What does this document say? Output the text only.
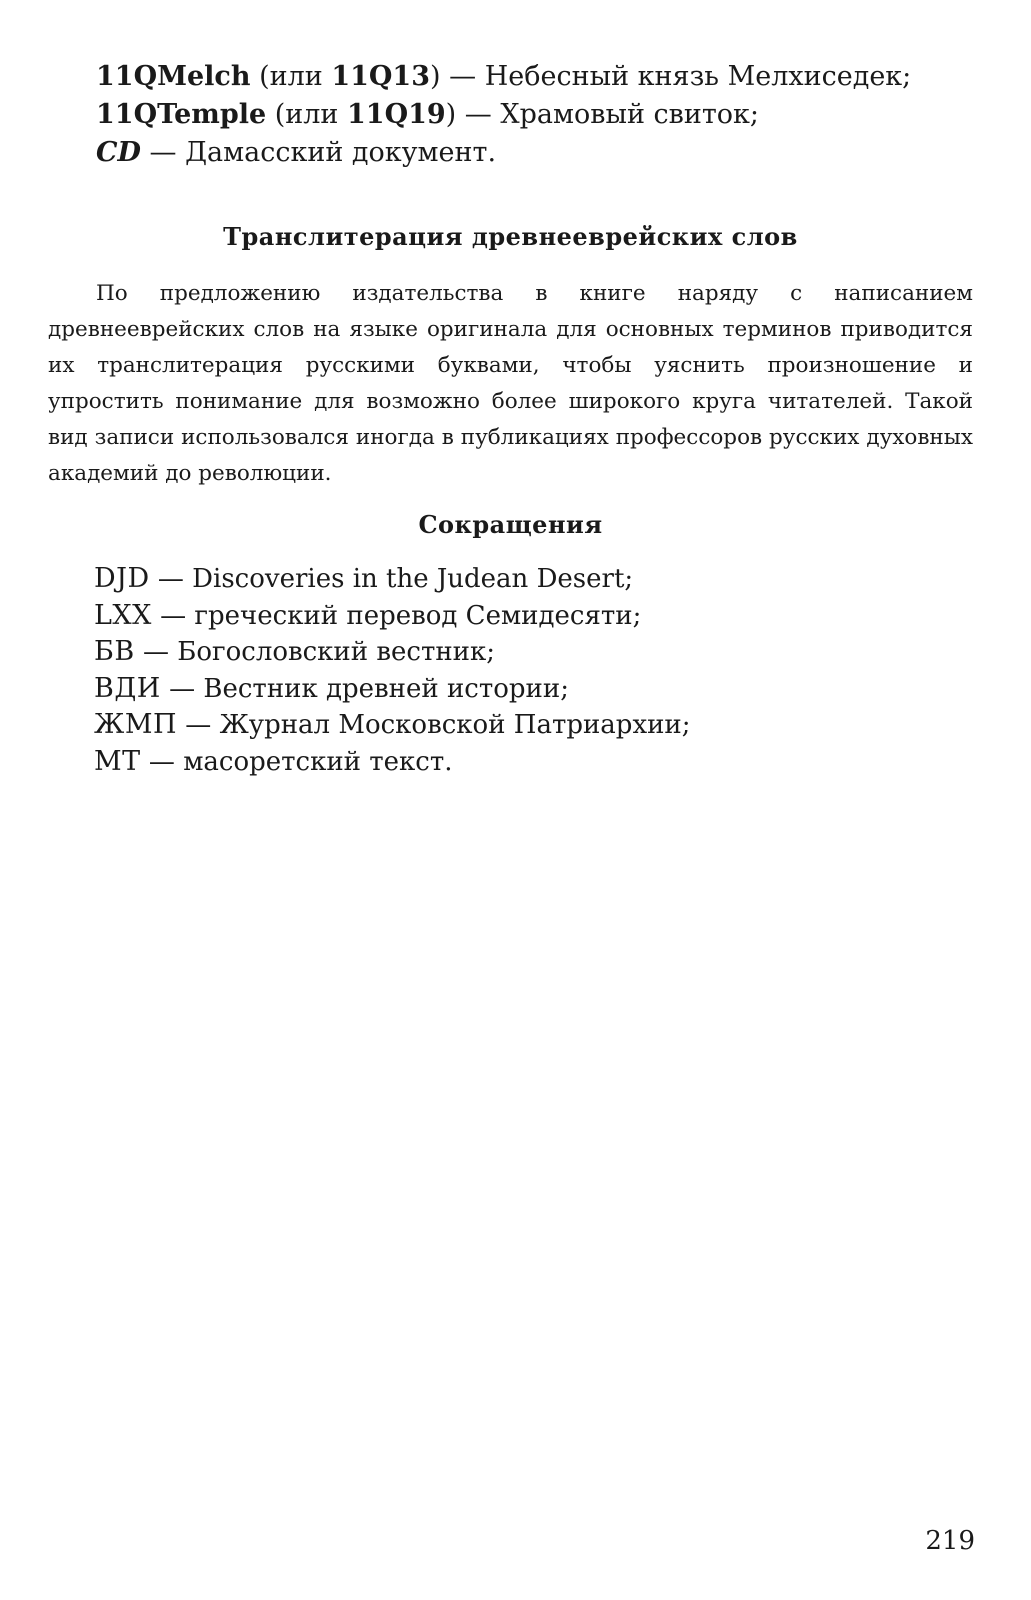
11QMelch (или 11Q13) — Небесный князь Мелхиседек;
11QTemple (или 11Q19) — Храмовый свиток;
CD — Дамасский документ.
Транслитерация древнееврейских слов

По предложению издательства в книге наряду с написанием древнееврейских слов на языке оригинала для основных терминов приводится их транслитерация русскими буквами, чтобы уяснить произношение и упростить понимание для возможно более широкого круга читателей. Такой вид записи использовался иногда в публикациях профессоров русских духовных академий до революции.

Сокращения
DJD — Discoveries in the Judean Desert;
LXX — греческий перевод Семидесяти;
БВ — Богословский вестник;
ВДИ — Вестник древней истории;
ЖМП — Журнал Московской Патриархии;
МТ — масоретский текст.
219
